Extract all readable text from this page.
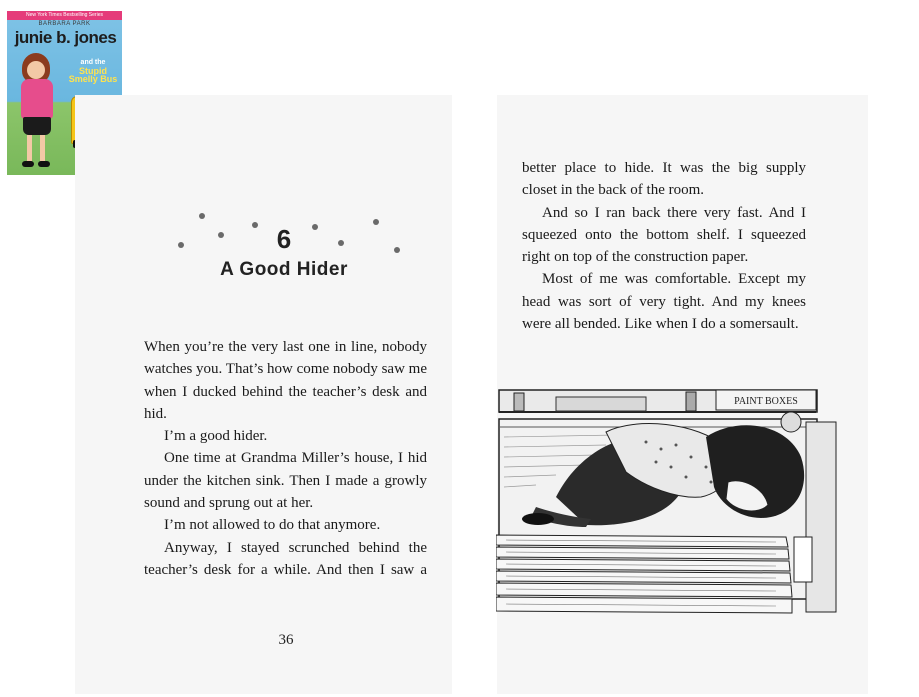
New York Times Bestselling Series
BARBARA PARK
junie b. jones
and the
Stupid Smelly Bus
6
A Good Hider

When you’re the very last one in line, nobody watches you. That’s how come nobody saw me when I ducked behind the teacher’s desk and hid.

I’m a good hider.

One time at Grandma Miller’s house, I hid under the kitchen sink. Then I made a growly sound and sprung out at her.

I’m not allowed to do that anymore.

Anyway, I stayed scrunched behind the teacher’s desk for a while. And then I saw a

36

better place to hide. It was the big supply closet in the back of the room.

And so I ran back there very fast. And I squeezed onto the bottom shelf. I squeezed right on top of the construction paper.

Most of me was comfortable. Except my head was sort of very tight. And my knees were all bended. Like when I do a somersault.

PAINT BOXES
